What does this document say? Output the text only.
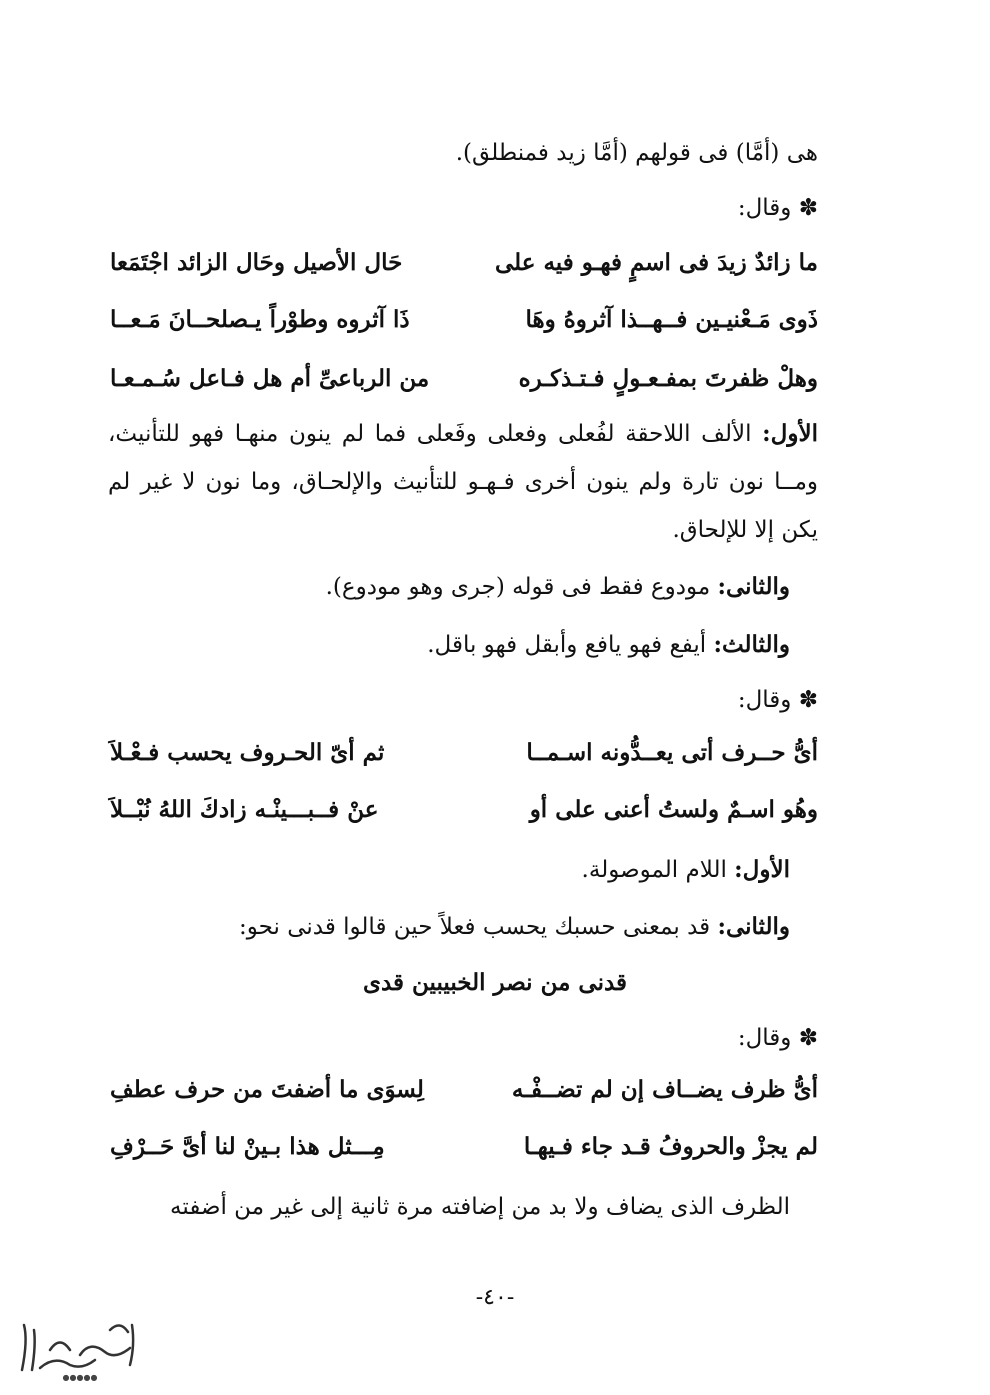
هى (أمَّا) فى قولهم (أمَّا زيد فمنطلق).
✽ وقال:
ما زائدٌ زيدَ فى اسمٍ فهـو فيه على
حَال الأصيل وحَال الزائد اجْتَمَعا
ذَوى مَـعْنيـين فــهــذا آثروهُ وهَا
ذَا آثروه وطوْراً يـصلحــانَ مَـعــا
وهلْ ظفرتَ بمفـعـولٍ فـتـذكـره
من الرباعىِّ أم هل فـاعل سُـمـعـا
الأول: الألف اللاحقة لفُعلى وفعلى وفَعلى فما لم ينون منهـا فهو للتأنيث، ومــا نون تارة ولم ينون أخرى فـهـو للتأنيث والإلحـاق، وما نون لا غير لم يكن إلا للإلحاق.
والثانى: مودوع فقط فى قوله (جرى وهو مودوع).
والثالث: أيفع فهو يافع وأبقل فهو باقل.
✽ وقال:
أىُّ حــرف أتى يعــدُّونه اسـمــا
ثم أىّ الحـروف يحسب فـعْـلاَ
وهُو اسـمٌ ولستُ أعنى على أو
عنْ فــبـــينْـه زادكَ اللهُ نُبْــلاَ
الأول: اللام الموصولة.
والثانى: قد بمعنى حسبك يحسب فعلاً حين قالوا قدنى نحو:
قدنى من نصر الخبيبين قدى
✽ وقال:
أىُّ ظرف يضــاف إن لم تضــفْـه
لِسوَى ما أضفتَ من حرف عطفِ
لم يجزْ والحروفُ قـد جاء فـيهـا
مِـــثل هذا بـينْ لنا أىَّ حَــرْفِ
الظرف الذى يضاف ولا بد من إضافته مرة ثانية إلى غير من أضفته
-٤٠-
●●●●●
